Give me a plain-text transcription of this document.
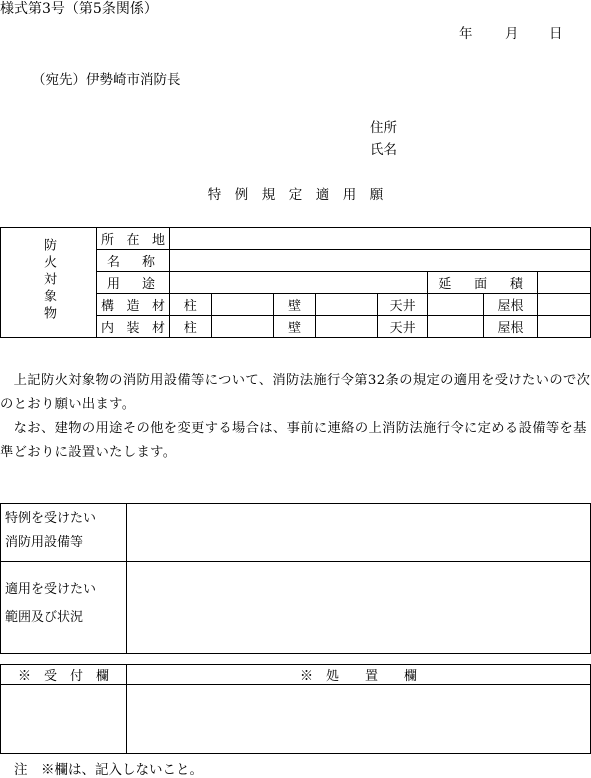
様式第3号（第5条関係）
年 月 日
（宛先）伊勢崎市消防長
住所
氏名
特　例　規　定　適　用　願
防火対象物	所 在 地								

	名 称								

	用 途						延 面 積		

	構 造 材	柱		壁		天井		屋根	

	内 装 材	柱		壁		天井		屋根	
　上記防火対象物の消防用設備等について、消防法施行令第32条の規定の適用を受けたいので次のとおり願い出ます。
　なお、建物の用途その他を変更する場合は、事前に連絡の上消防法施行令に定める設備等を基準どおりに設置いたします。
特例を受けたい
消防用設備等	

適用を受けたい
範囲及び状況	

※　受　付　欄	※　処　　置　　欄

注　※欄は、記入しないこと。
